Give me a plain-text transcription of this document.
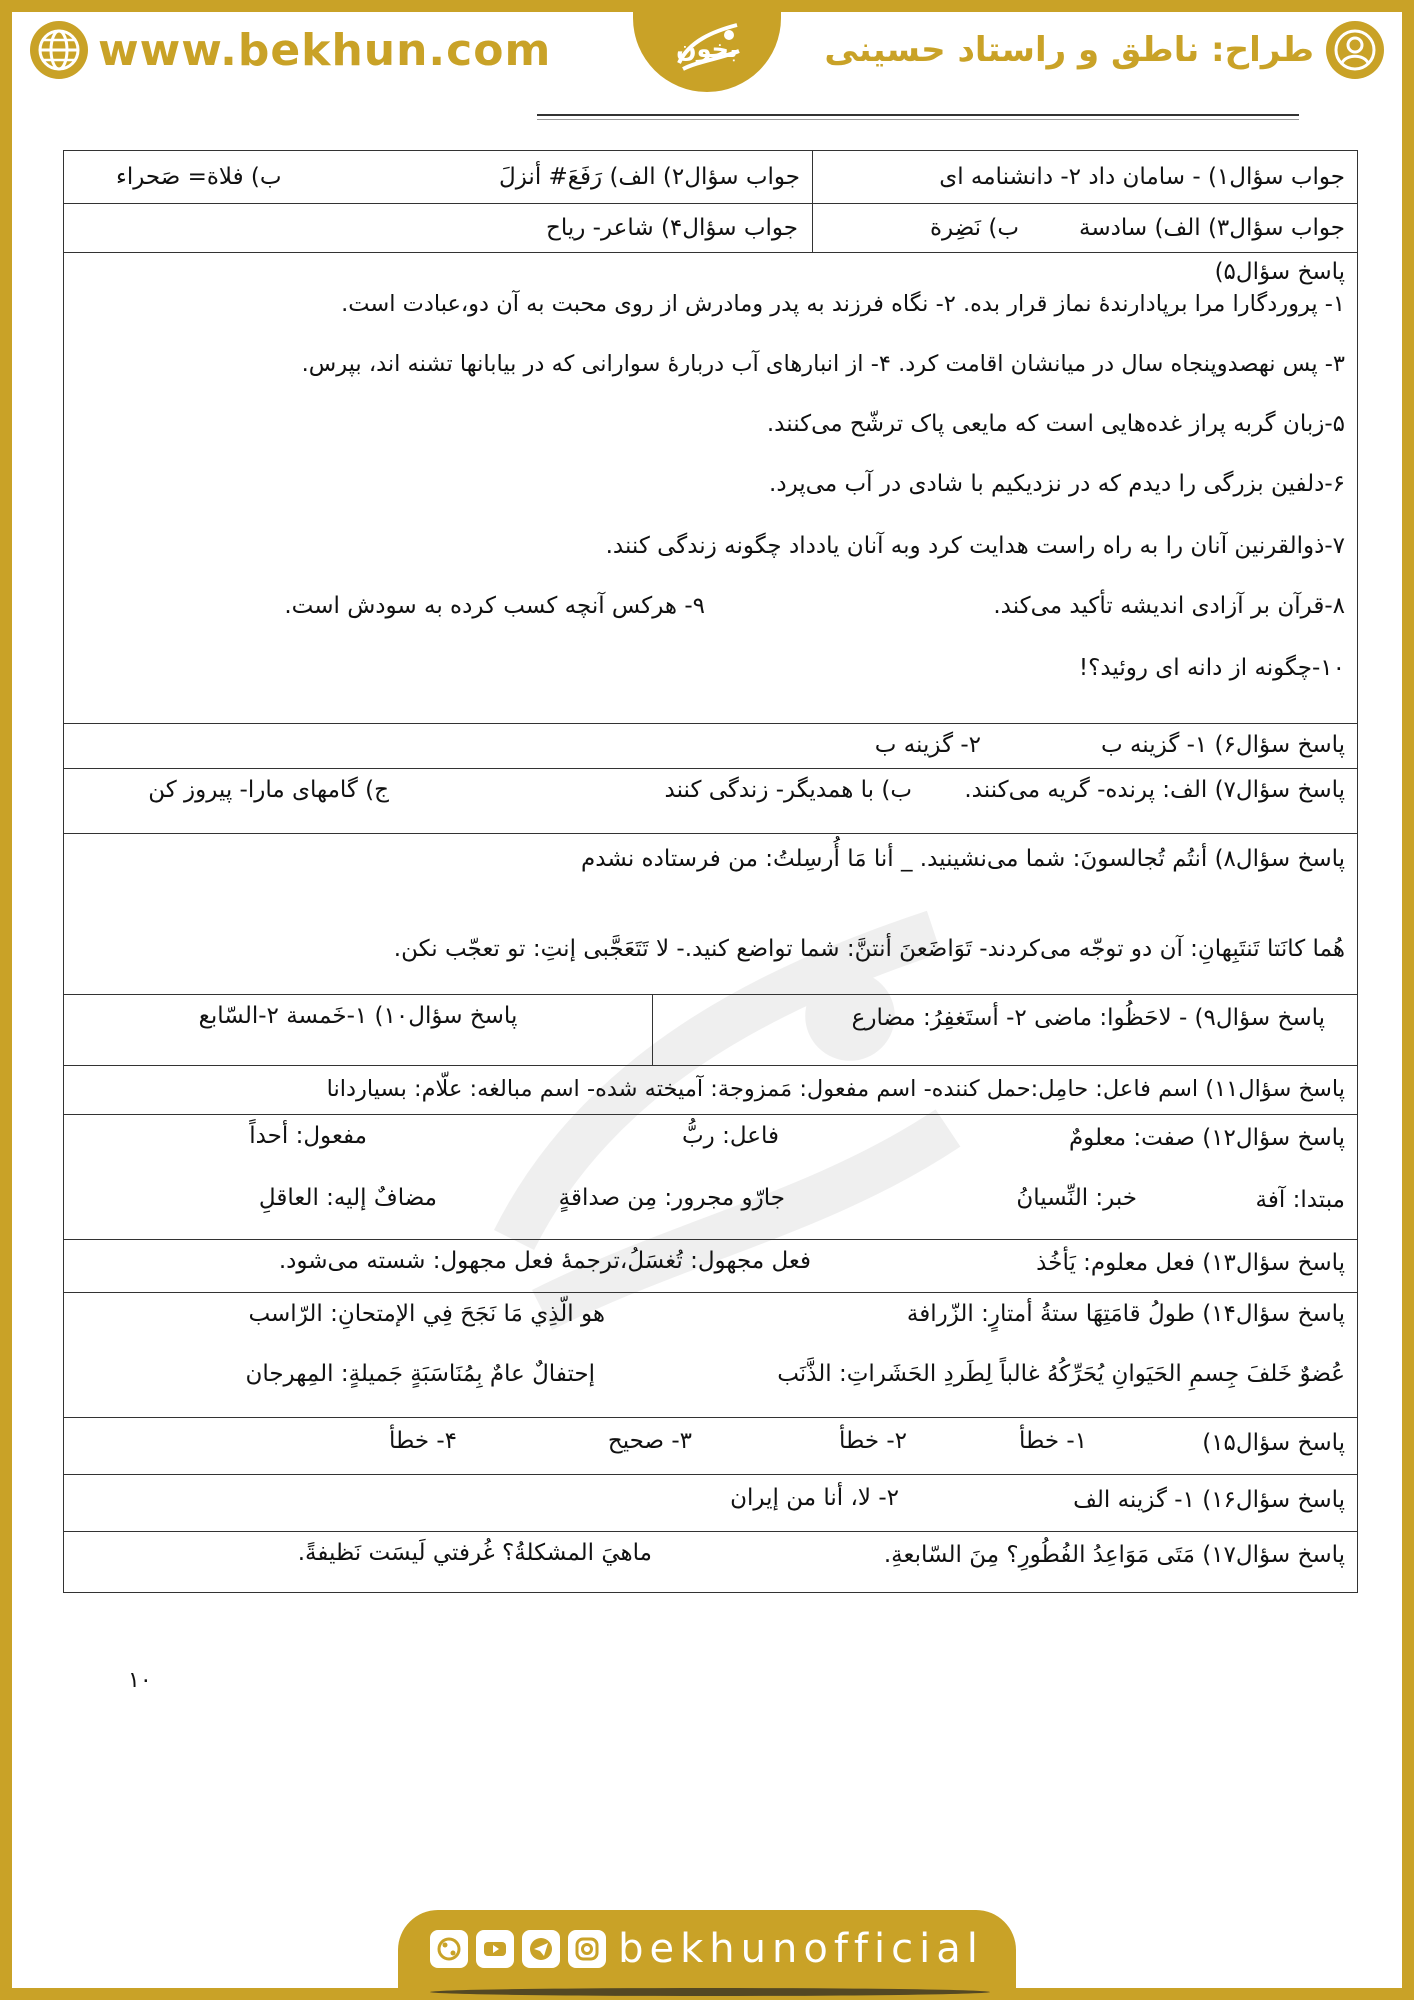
www.bekhun.com	بخون	طراح: ناطق و راستاد حسینی
جواب سؤال۱) - سامان داد ۲- دانشنامه ای
جواب سؤال۲) الف) رَفَعَ# أنزلَ
ب) فلاة= صَحراء
جواب سؤال۳) الف) سادسة
ب) نَضِرة
جواب سؤال۴) شاعر- رياح
پاسخ سؤال۵)
۱- پروردگارا مرا برپادارندهٔ نماز قرار بده. ۲- نگاه فرزند به پدر ومادرش از روی محبت به آن دو،عبادت است.
۳- پس نهصدوپنجاه سال در میانشان اقامت کرد. ۴- از انبارهای آب دربارهٔ سوارانی که در بیابانها تشنه اند، بپرس.
۵-زبان گربه پراز غده‌هایی است که مایعی پاک ترشّح می‌کنند.
۶-دلفین بزرگی را دیدم که در نزدیکیم با شادی در آب می‌پرد.
۷-ذوالقرنین آنان را به راه راست هدایت کرد وبه آنان یادداد چگونه زندگی کنند.
۸-قرآن بر آزادی اندیشه تأکید می‌کند.
۹- هرکس آنچه کسب کرده به سودش است.
۱۰-چگونه از دانه ای روئید؟!
پاسخ سؤال۶) ۱- گزینه ب
۲- گزینه ب
پاسخ سؤال۷) الف: پرنده- گریه می‌کنند.
ب) با همدیگر- زندگی کنند
ج) گامهای مارا- پیروز کن
پاسخ سؤال۸) أنتُم تُجالسونَ: شما می‌نشینید. _ أنا مَا أُرسِلتُ: من فرستاده نشدم
هُما كانَتا تَنتَبِهانِ: آن دو توجّه می‌کردند- تَوَاضَعنَ أنتنَّ: شما تواضع کنید.- لا تَتَعَجَّبی إنتِ: تو تعجّب نکن.
پاسخ سؤال۹) - لاحَظُوا: ماضی ۲- أستَغفِرُ: مضارع
پاسخ سؤال۱۰) ۱-خَمسة ۲-السّابع
پاسخ سؤال۱۱) اسم فاعل: حامِل:حمل کننده- اسم مفعول: مَمزوجة: آمیخته شده- اسم مبالغه: علّام: بسیاردانا
پاسخ سؤال۱۲) صفت: معلومٌ
فاعل: ربُّ
مفعول: أحداً
مبتدا: آفة
خبر: النِّسيانُ
جارّو مجرور: مِن صداقةٍ
مضافٌ إليه: العاقلِ
پاسخ سؤال۱۳) فعل معلوم: يَأخُذ
فعل مجهول: تُغسَلُ،ترجمهٔ فعل مجهول: شسته می‌شود.
پاسخ سؤال۱۴) طولُ قامَتِهَا ستةُ أمتارٍ: الزّرافة
هو الّذِي مَا نَجَحَ فِي الإمتحانِ: الرّاسب
عُضوٌ خَلفَ جِسمِ الحَيَوانِ يُحَرِّكُهُ غالباً لِطَردِ الحَشَراتِ: الذَّنَب
إحتفالٌ عامٌ بِمُنَاسَبَةٍ جَميلةٍ: المِهرجان
پاسخ سؤال۱۵)
۱- خطأ
۲- خطأ
۳- صحیح
۴- خطأ
پاسخ سؤال۱۶) ۱- گزینه الف
۲- لا، أنا من إيران
پاسخ سؤال۱۷) مَتَى مَوَاعِدُ الفُطُورِ؟ مِنَ السّابعةِ.
ماهيَ المشكلةُ؟ غُرفتي لَيسَت نَظيفةً.
۱۰
bekhunofficial
